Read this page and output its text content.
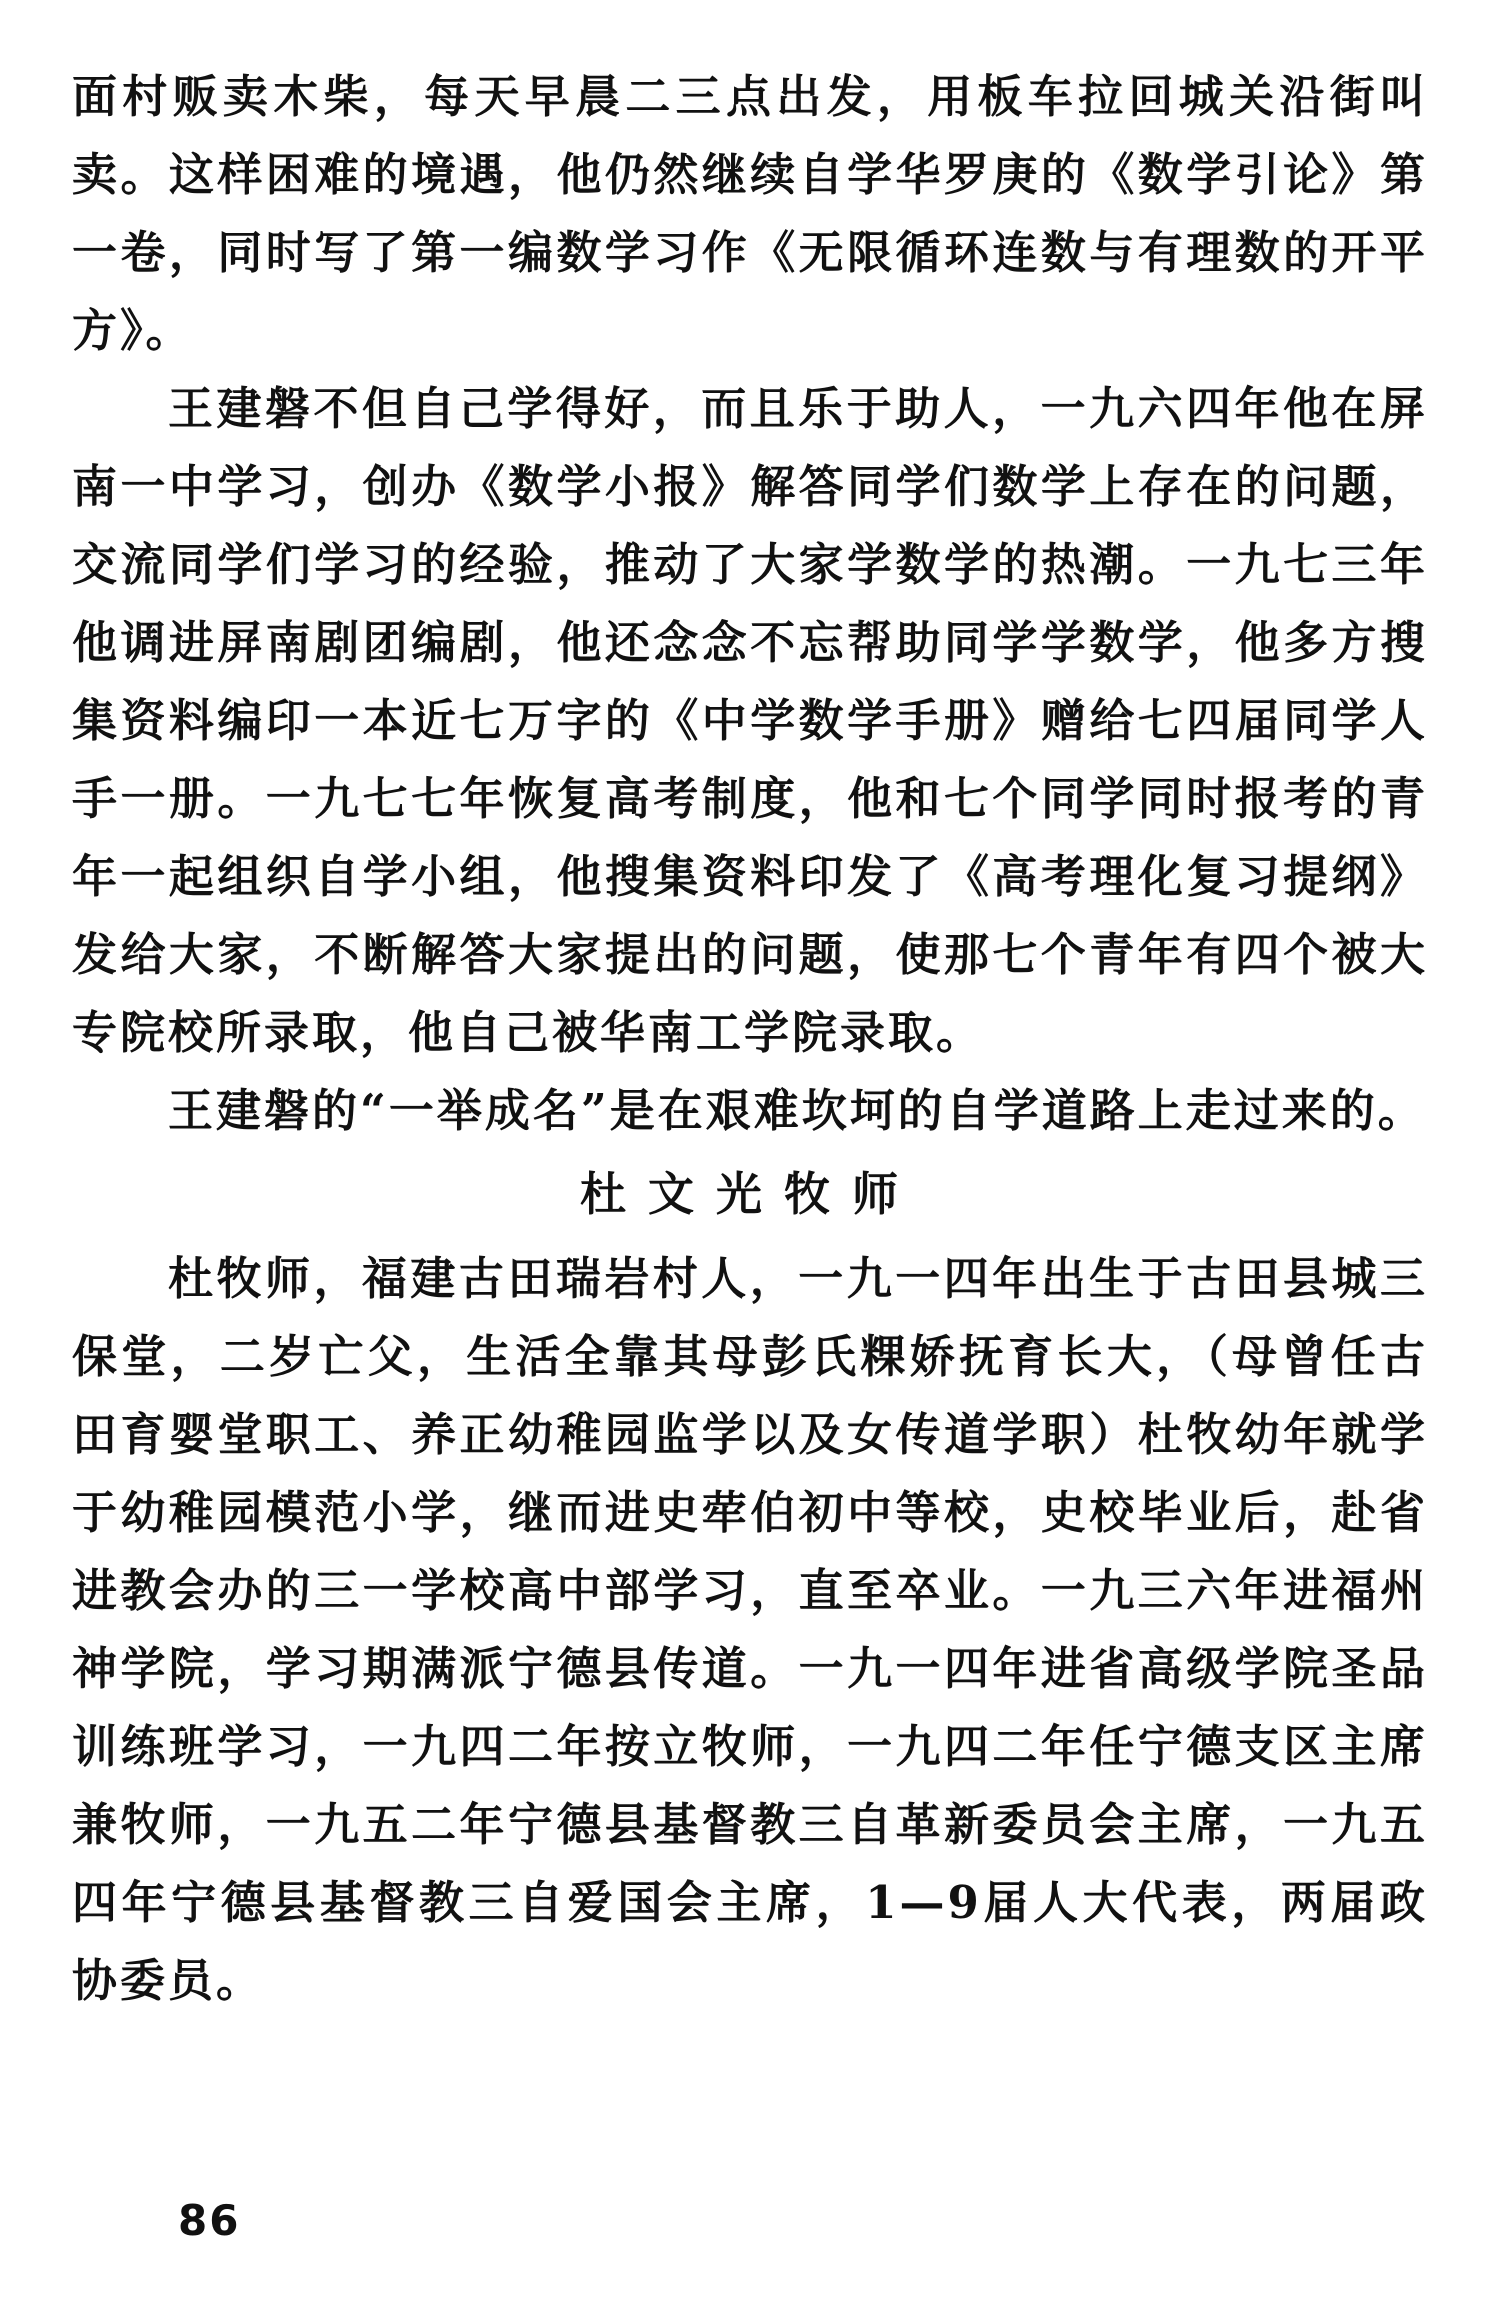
面村贩卖木柴，每天早晨二三点出发，用板车拉回城关沿街叫卖。这样困难的境遇，他仍然继续自学华罗庚的《数学引论》第一卷，同时写了第一编数学习作《无限循环连数与有理数的开平方》。

王建磐不但自己学得好，而且乐于助人，一九六四年他在屏南一中学习，创办《数学小报》解答同学们数学上存在的问题，交流同学们学习的经验，推动了大家学数学的热潮。一九七三年他调进屏南剧团编剧，他还念念不忘帮助同学学数学，他多方搜集资料编印一本近七万字的《中学数学手册》赠给七四届同学人手一册。一九七七年恢复高考制度，他和七个同学同时报考的青年一起组织自学小组，他搜集资料印发了《高考理化复习提纲》发给大家，不断解答大家提出的问题，使那七个青年有四个被大专院校所录取，他自己被华南工学院录取。

王建磐的“一举成名”是在艰难坎坷的自学道路上走过来的。

杜文光牧师

杜牧师，福建古田瑞岩村人，一九一四年出生于古田县城三保堂，二岁亡父，生活全靠其母彭氏粿娇抚育长大，（母曾任古田育婴堂职工、养正幼稚园监学以及女传道学职）杜牧幼年就学于幼稚园模范小学，继而进史荦伯初中等校，史校毕业后，赴省进教会办的三一学校高中部学习，直至卒业。一九三六年进福州神学院，学习期满派宁德县传道。一九一四年进省高级学院圣品训练班学习，一九四二年按立牧师，一九四二年任宁德支区主席兼牧师，一九五二年宁德县基督教三自革新委员会主席，一九五四年宁德县基督教三自爱国会主席，1—9届人大代表，两届政协委员。

86
